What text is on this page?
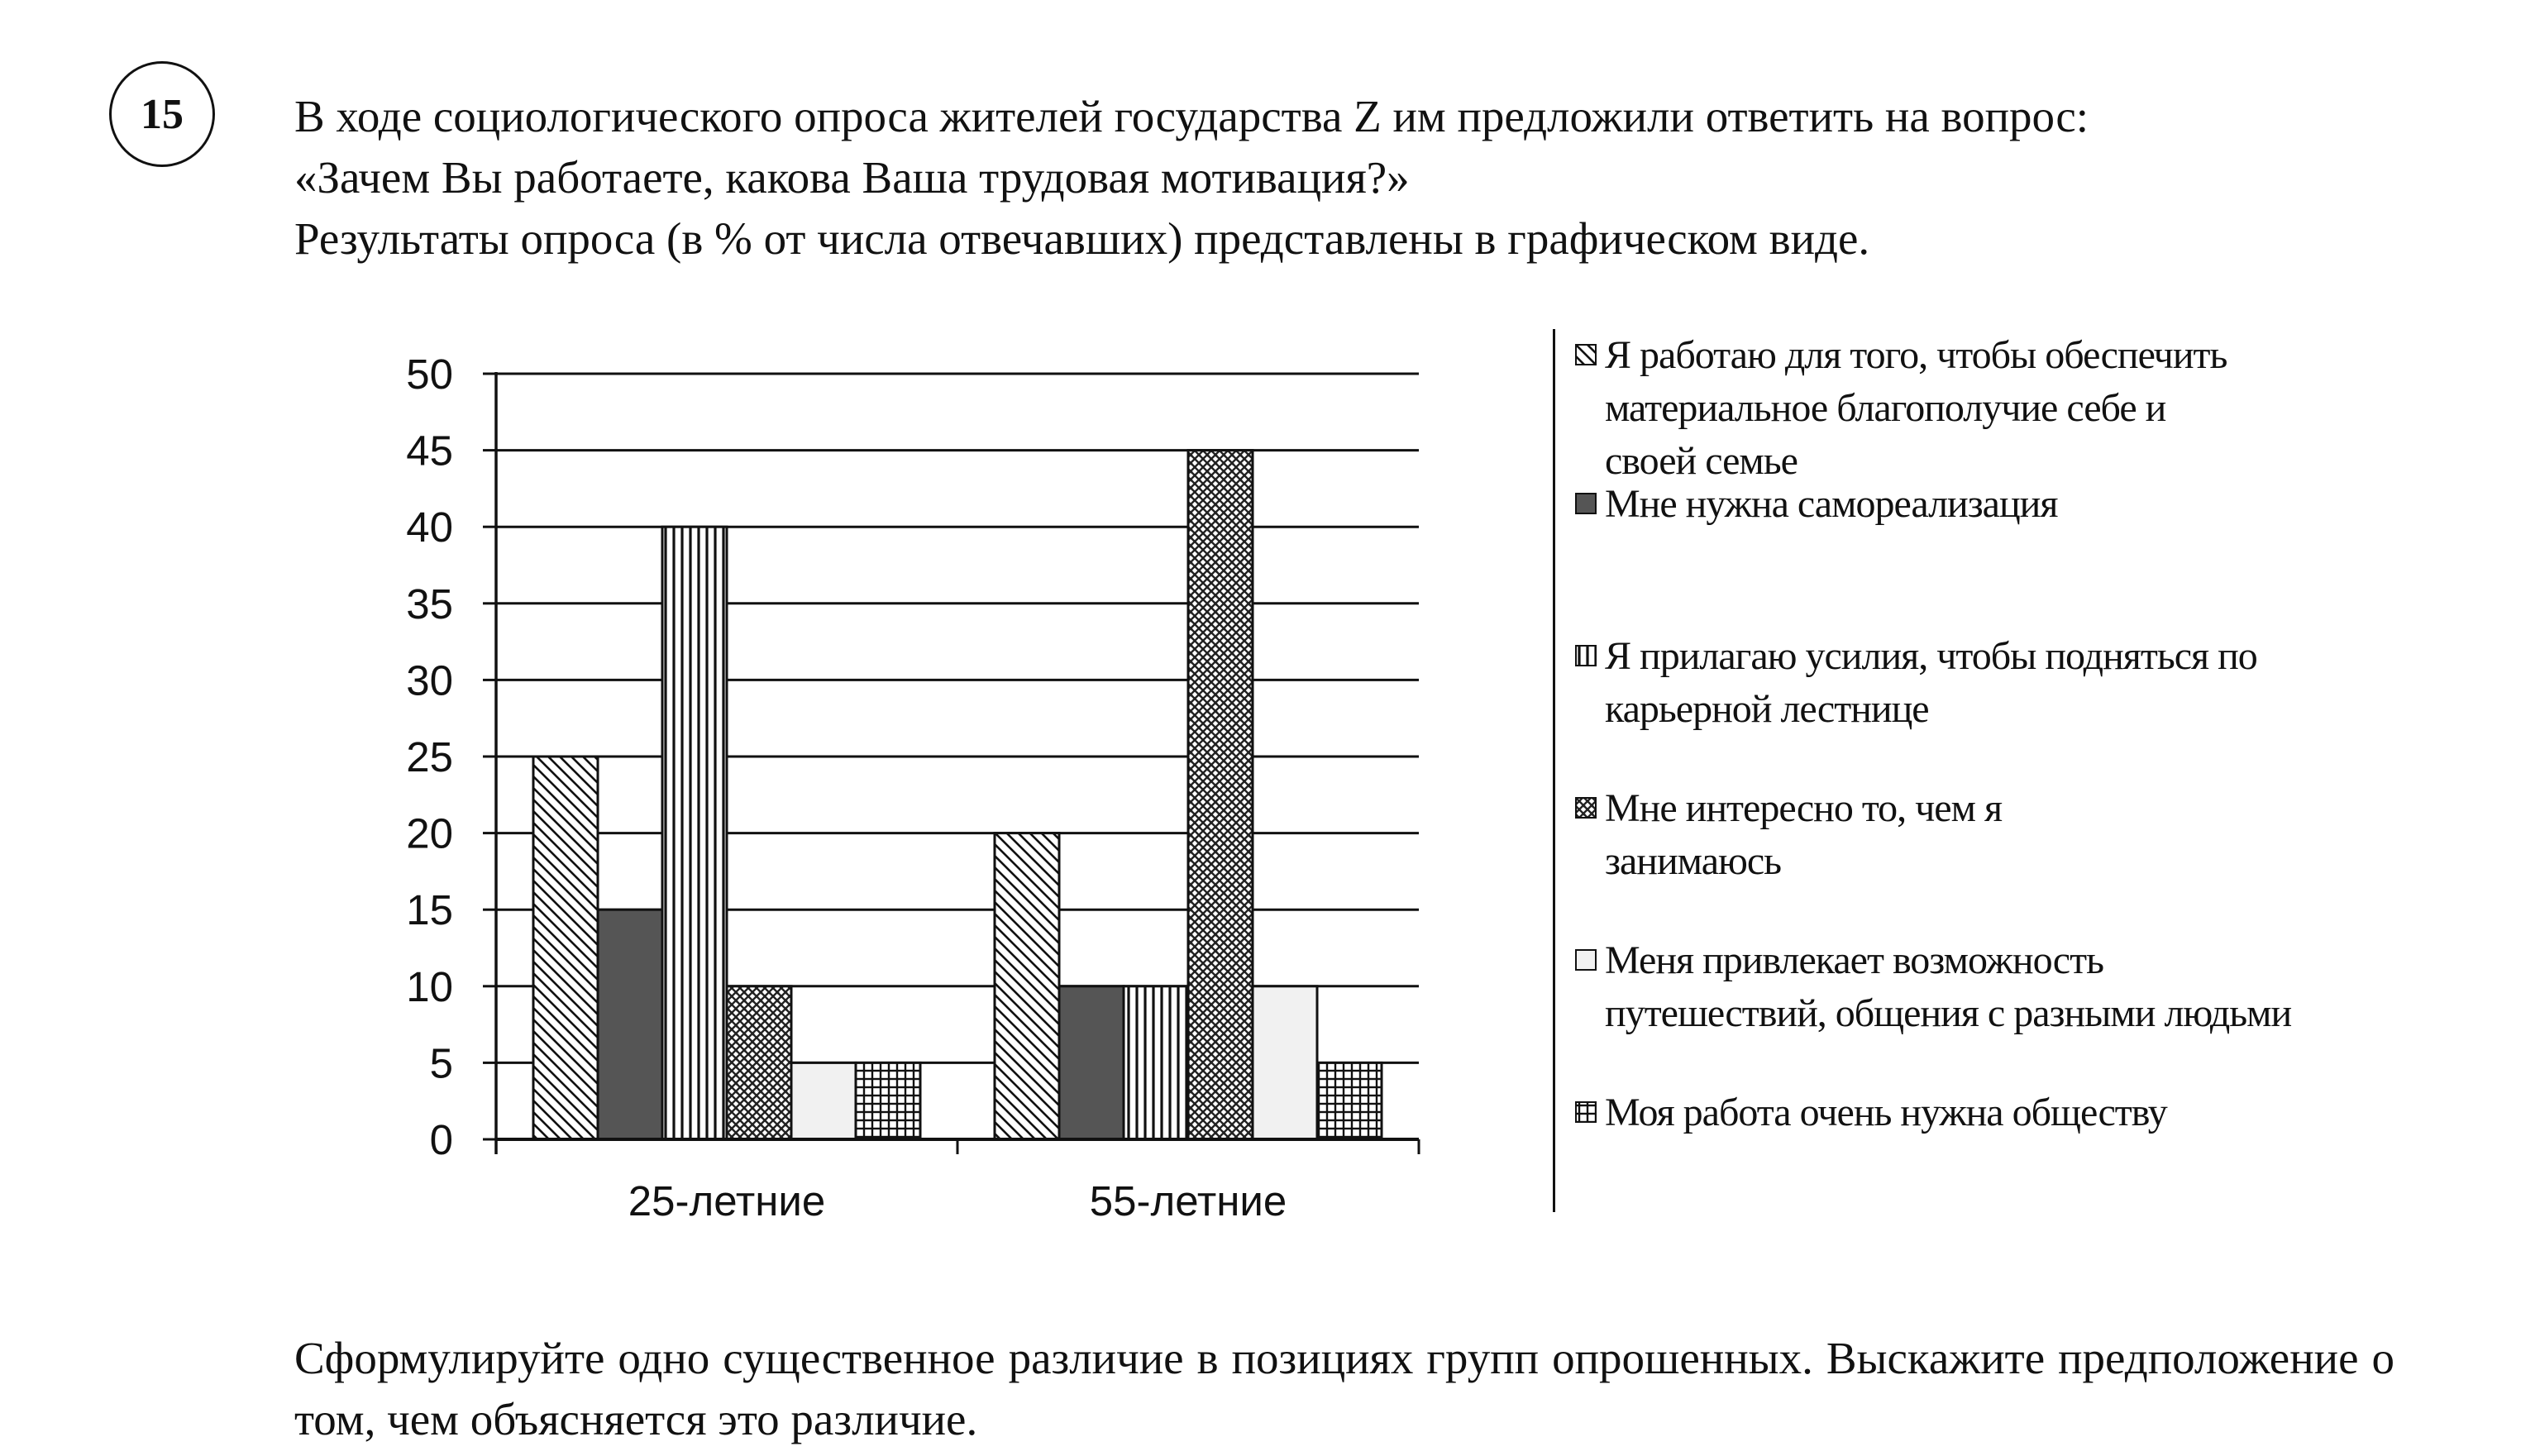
15	В ходе социологического опроса жителей государства Z им предложили ответить на вопрос:
«Зачем Вы работаете, какова Ваша трудовая мотивация?»
Результаты опроса (в % от числа отвечавших) представлены в графическом виде.
0
5
10
15
20
25
30
35
40
45
50
25-летние	55-летние
Я работаю для того, чтобы обеспечить материальное благополучие себе и своей семье
Мне нужна самореализация
Я прилагаю усилия, чтобы подняться по карьерной лестнице
Мне интересно то, чем я занимаюсь
Меня привлекает возможность путешествий, общения с разными людьми
Моя работа очень нужна обществу
Сформулируйте одно существенное различие в позициях групп опрошенных. Выскажите предположение о том, чем объясняется это различие.
